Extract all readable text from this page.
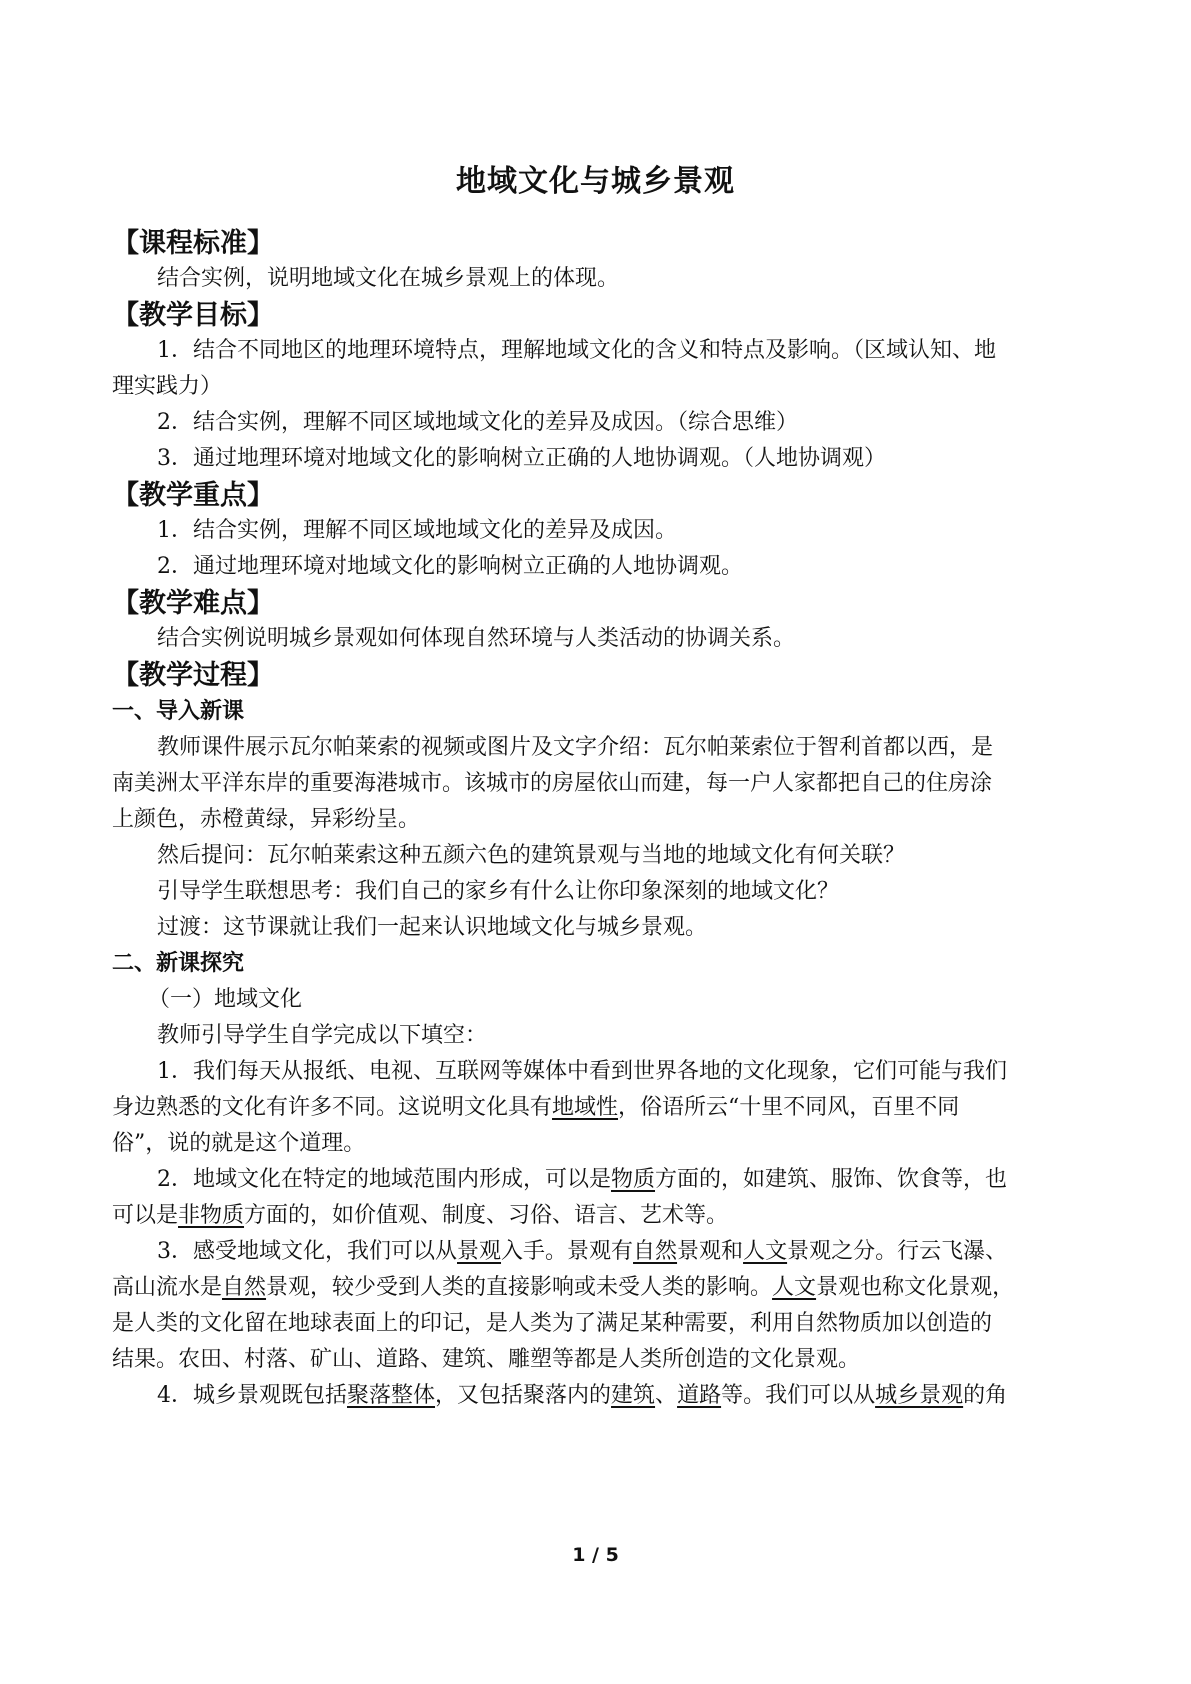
地域文化与城乡景观
【课程标准】
结合实例，说明地域文化在城乡景观上的体现。
【教学目标】
1．结合不同地区的地理环境特点，理解地域文化的含义和特点及影响。（区域认知、地
理实践力）
2．结合实例，理解不同区域地域文化的差异及成因。（综合思维）
3．通过地理环境对地域文化的影响树立正确的人地协调观。（人地协调观）
【教学重点】
1．结合实例，理解不同区域地域文化的差异及成因。
2．通过地理环境对地域文化的影响树立正确的人地协调观。
【教学难点】
结合实例说明城乡景观如何体现自然环境与人类活动的协调关系。
【教学过程】
一、导入新课
教师课件展示瓦尔帕莱索的视频或图片及文字介绍：瓦尔帕莱索位于智利首都以西，是
南美洲太平洋东岸的重要海港城市。该城市的房屋依山而建，每一户人家都把自己的住房涂
上颜色，赤橙黄绿，异彩纷呈。
然后提问：瓦尔帕莱索这种五颜六色的建筑景观与当地的地域文化有何关联？
引导学生联想思考：我们自己的家乡有什么让你印象深刻的地域文化？
过渡：这节课就让我们一起来认识地域文化与城乡景观。
二、新课探究
（一）地域文化
教师引导学生自学完成以下填空：
1．我们每天从报纸、电视、互联网等媒体中看到世界各地的文化现象，它们可能与我们
身边熟悉的文化有许多不同。这说明文化具有地域性，俗语所云“十里不同风，百里不同
俗”，说的就是这个道理。
2．地域文化在特定的地域范围内形成，可以是物质方面的，如建筑、服饰、饮食等，也
可以是非物质方面的，如价值观、制度、习俗、语言、艺术等。
3．感受地域文化，我们可以从景观入手。景观有自然景观和人文景观之分。行云飞瀑、
高山流水是自然景观，较少受到人类的直接影响或未受人类的影响。人文景观也称文化景观，
是人类的文化留在地球表面上的印记，是人类为了满足某种需要，利用自然物质加以创造的
结果。农田、村落、矿山、道路、建筑、雕塑等都是人类所创造的文化景观。
4．城乡景观既包括聚落整体，又包括聚落内的建筑、道路等。我们可以从城乡景观的角
1 / 5
